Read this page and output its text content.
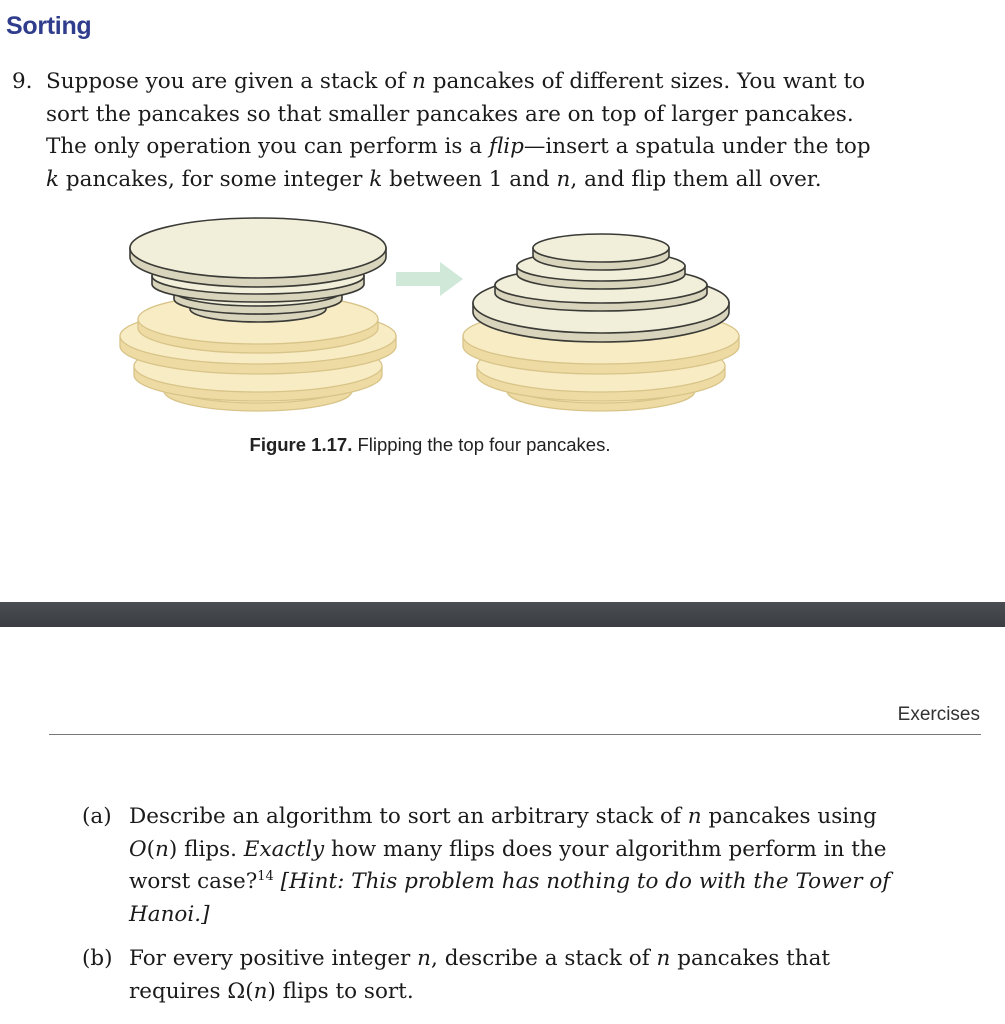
Sorting
9. Suppose you are given a stack of n pancakes of different sizes. You want to sort the pancakes so that smaller pancakes are on top of larger pancakes. The only operation you can perform is a flip—insert a spatula under the top k pancakes, for some integer k between 1 and n, and flip them all over.
Figure 1.17. Flipping the top four pancakes.
Exercises
(a) Describe an algorithm to sort an arbitrary stack of n pancakes using O(n) flips. Exactly how many flips does your algorithm perform in the worst case?$^{14}$ [Hint: This problem has nothing to do with the Tower of Hanoi.]
(b) For every positive integer n, describe a stack of n pancakes that requires Ω(n) flips to sort.
